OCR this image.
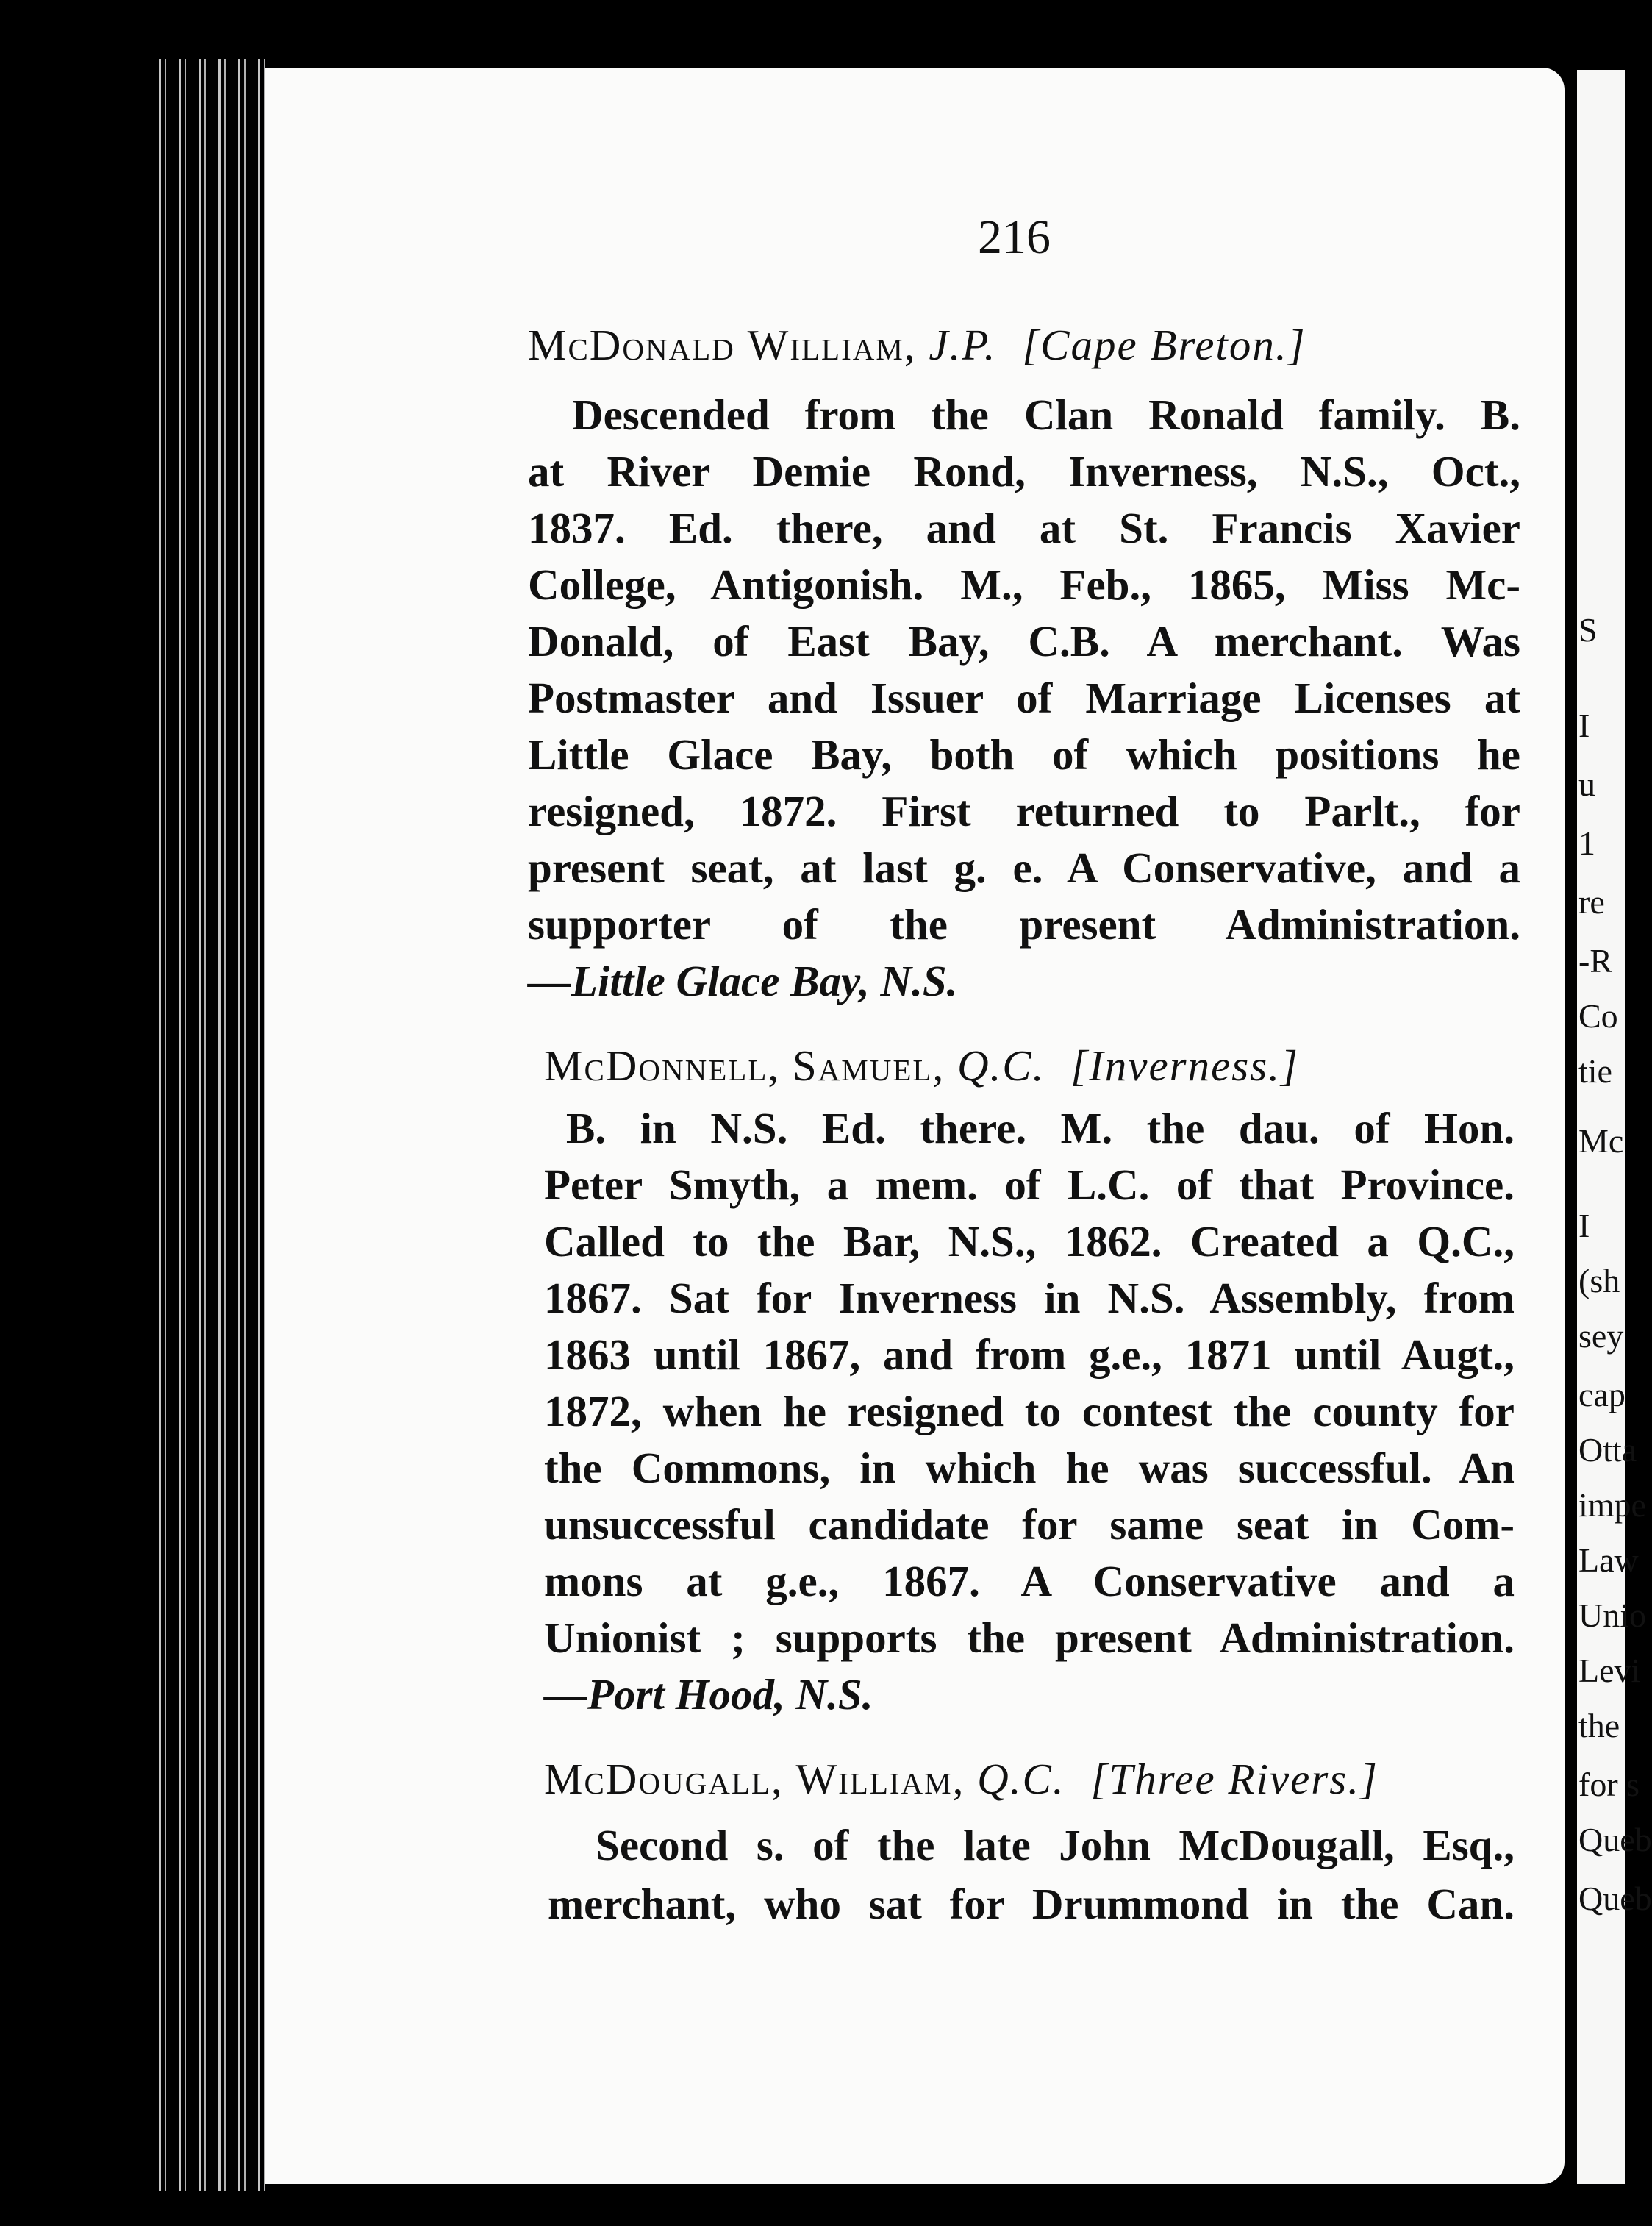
S
I
u
1
re
-R
Co
tie
Mc
I
(sh
sey
cap
Otta
impe
Law
Unio
Levi
the
for s
Queb
Queb
216
McDonald William, J.P. [Cape Breton.]
Descended from the Clan Ronald family. B.
at River Demie Rond, Inverness, N.S., Oct.,
1837. Ed. there, and at St. Francis Xavier
College, Antigonish. M., Feb., 1865, Miss Mc-
Donald, of East Bay, C.B. A merchant. Was
Postmaster and Issuer of Marriage Licenses at
Little Glace Bay, both of which positions he
resigned, 1872. First returned to Parlt., for
present seat, at last g. e. A Conservative, and a
supporter of the present Administration.
—Little Glace Bay, N.S.
McDonnell, Samuel, Q.C. [Inverness.]
B. in N.S. Ed. there. M. the dau. of Hon.
Peter Smyth, a mem. of L.C. of that Province.
Called to the Bar, N.S., 1862. Created a Q.C.,
1867. Sat for Inverness in N.S. Assembly, from
1863 until 1867, and from g.e., 1871 until Augt.,
1872, when he resigned to contest the county for
the Commons, in which he was successful. An
unsuccessful candidate for same seat in Com-
mons at g.e., 1867. A Conservative and a
Unionist ; supports the present Administration.
—Port Hood, N.S.
McDougall, William, Q.C. [Three Rivers.]
Second s. of the late John McDougall, Esq.,
merchant, who sat for Drummond in the Can.
